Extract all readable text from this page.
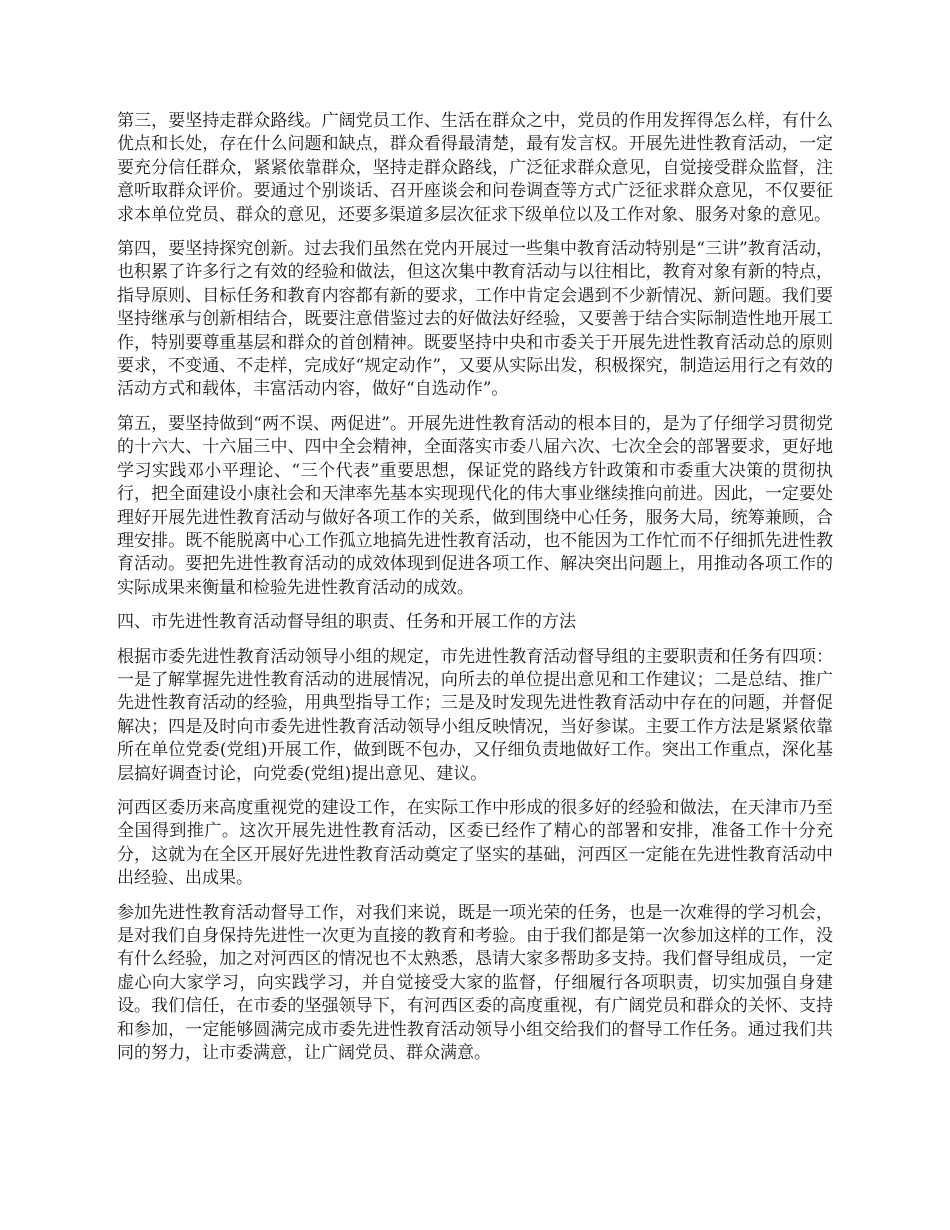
第三，要坚持走群众路线。广阔党员工作、生活在群众之中，党员的作用发挥得怎么样，有什么优点和长处，存在什么问题和缺点，群众看得最清楚，最有发言权。开展先进性教育活动，一定要充分信任群众，紧紧依靠群众，坚持走群众路线，广泛征求群众意见，自觉接受群众监督，注意听取群众评价。要通过个别谈话、召开座谈会和问卷调查等方式广泛征求群众意见，不仅要征求本单位党员、群众的意见，还要多渠道多层次征求下级单位以及工作对象、服务对象的意见。

第四，要坚持探究创新。过去我们虽然在党内开展过一些集中教育活动特别是“三讲”教育活动，也积累了许多行之有效的经验和做法，但这次集中教育活动与以往相比，教育对象有新的特点，指导原则、目标任务和教育内容都有新的要求，工作中肯定会遇到不少新情况、新问题。我们要坚持继承与创新相结合，既要注意借鉴过去的好做法好经验，又要善于结合实际制造性地开展工作，特别要尊重基层和群众的首创精神。既要坚持中央和市委关于开展先进性教育活动总的原则要求，不变通、不走样，完成好“规定动作”，又要从实际出发，积极探究，制造运用行之有效的活动方式和载体，丰富活动内容，做好“自选动作”。

第五，要坚持做到“两不误、两促进”。开展先进性教育活动的根本目的，是为了仔细学习贯彻党的十六大、十六届三中、四中全会精神，全面落实市委八届六次、七次全会的部署要求，更好地学习实践邓小平理论、“三个代表”重要思想，保证党的路线方针政策和市委重大决策的贯彻执行，把全面建设小康社会和天津率先基本实现现代化的伟大事业继续推向前进。因此，一定要处理好开展先进性教育活动与做好各项工作的关系，做到围绕中心任务，服务大局，统筹兼顾，合理安排。既不能脱离中心工作孤立地搞先进性教育活动，也不能因为工作忙而不仔细抓先进性教育活动。要把先进性教育活动的成效体现到促进各项工作、解决突出问题上，用推动各项工作的实际成果来衡量和检验先进性教育活动的成效。

四、市先进性教育活动督导组的职责、任务和开展工作的方法

根据市委先进性教育活动领导小组的规定，市先进性教育活动督导组的主要职责和任务有四项：一是了解掌握先进性教育活动的进展情况，向所去的单位提出意见和工作建议；二是总结、推广先进性教育活动的经验，用典型指导工作；三是及时发现先进性教育活动中存在的问题，并督促解决；四是及时向市委先进性教育活动领导小组反映情况，当好参谋。主要工作方法是紧紧依靠所在单位党委(党组)开展工作，做到既不包办，又仔细负责地做好工作。突出工作重点，深化基层搞好调查讨论，向党委(党组)提出意见、建议。

河西区委历来高度重视党的建设工作，在实际工作中形成的很多好的经验和做法，在天津市乃至全国得到推广。这次开展先进性教育活动，区委已经作了精心的部署和安排，准备工作十分充分，这就为在全区开展好先进性教育活动奠定了坚实的基础，河西区一定能在先进性教育活动中出经验、出成果。

参加先进性教育活动督导工作，对我们来说，既是一项光荣的任务，也是一次难得的学习机会，是对我们自身保持先进性一次更为直接的教育和考验。由于我们都是第一次参加这样的工作，没有什么经验，加之对河西区的情况也不太熟悉，恳请大家多帮助多支持。我们督导组成员，一定虚心向大家学习，向实践学习，并自觉接受大家的监督，仔细履行各项职责，切实加强自身建设。我们信任，在市委的坚强领导下，有河西区委的高度重视，有广阔党员和群众的关怀、支持和参加，一定能够圆满完成市委先进性教育活动领导小组交给我们的督导工作任务。通过我们共同的努力，让市委满意，让广阔党员、群众满意。
